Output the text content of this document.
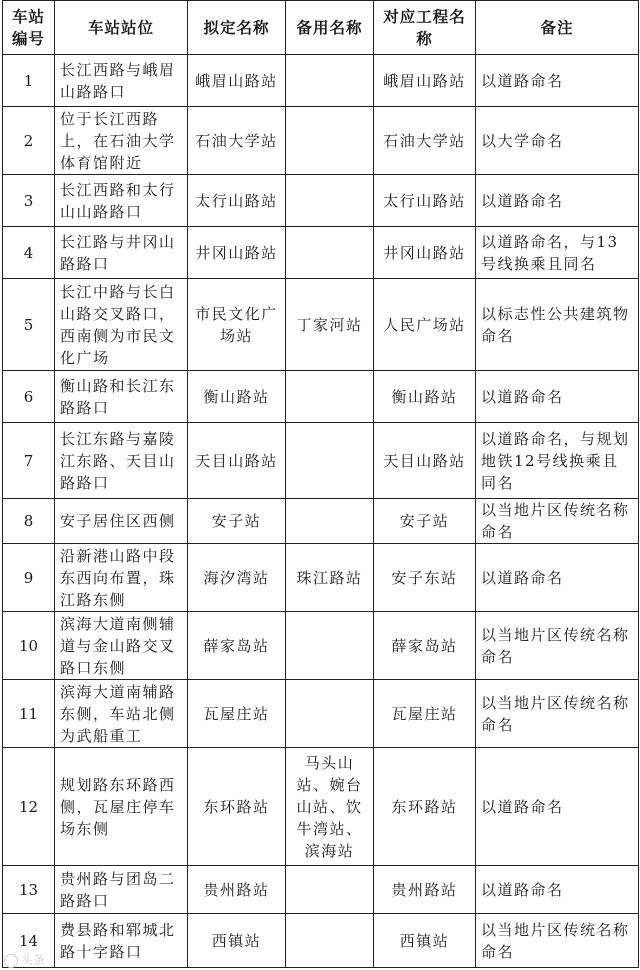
车站编号	车站站位	拟定名称	备用名称	对应工程名称	备注
1	长江西路与峨眉山路路口	峨眉山路站		峨眉山路站	以道路命名
2	位于长江西路上，在石油大学体育馆附近	石油大学站		石油大学站	以大学命名
3	长江西路和太行山山路路口	太行山路站		太行山路站	以道路命名
4	长江路与井冈山路路口	井冈山路站		井冈山路站	以道路命名，与13号线换乘且同名
5	长江中路与长白山路交叉路口，西南侧为市民文化广场	市民文化广场站	丁家河站	人民广场站	以标志性公共建筑物命名
6	衡山路和长江东路路口	衡山路站		衡山路站	以道路命名
7	长江东路与嘉陵江东路、天目山路路口	天目山路站		天目山路站	以道路命名，与规划地铁12号线换乘且同名
8	安子居住区西侧	安子站		安子站	以当地片区传统名称命名
9	沿新港山路中段东西向布置，珠江路东侧	海汐湾站	珠江路站	安子东站	以道路命名
10	滨海大道南侧辅道与金山路交叉路口东侧	薛家岛站		薛家岛站	以当地片区传统名称命名
11	滨海大道南辅路东侧，车站北侧为武船重工	瓦屋庄站		瓦屋庄站	以当地片区传统名称命名
12	规划路东环路西侧，瓦屋庄停车场东侧	东环路站	马头山站、婉台山站、饮牛湾站、滨海站	东环路站	以道路命名
13	贵州路与团岛二路路口	贵州路站		贵州路站	以道路命名
14	费县路和郓城北路十字路口	西镇站		西镇站	以当地片区传统名称命名
头条
